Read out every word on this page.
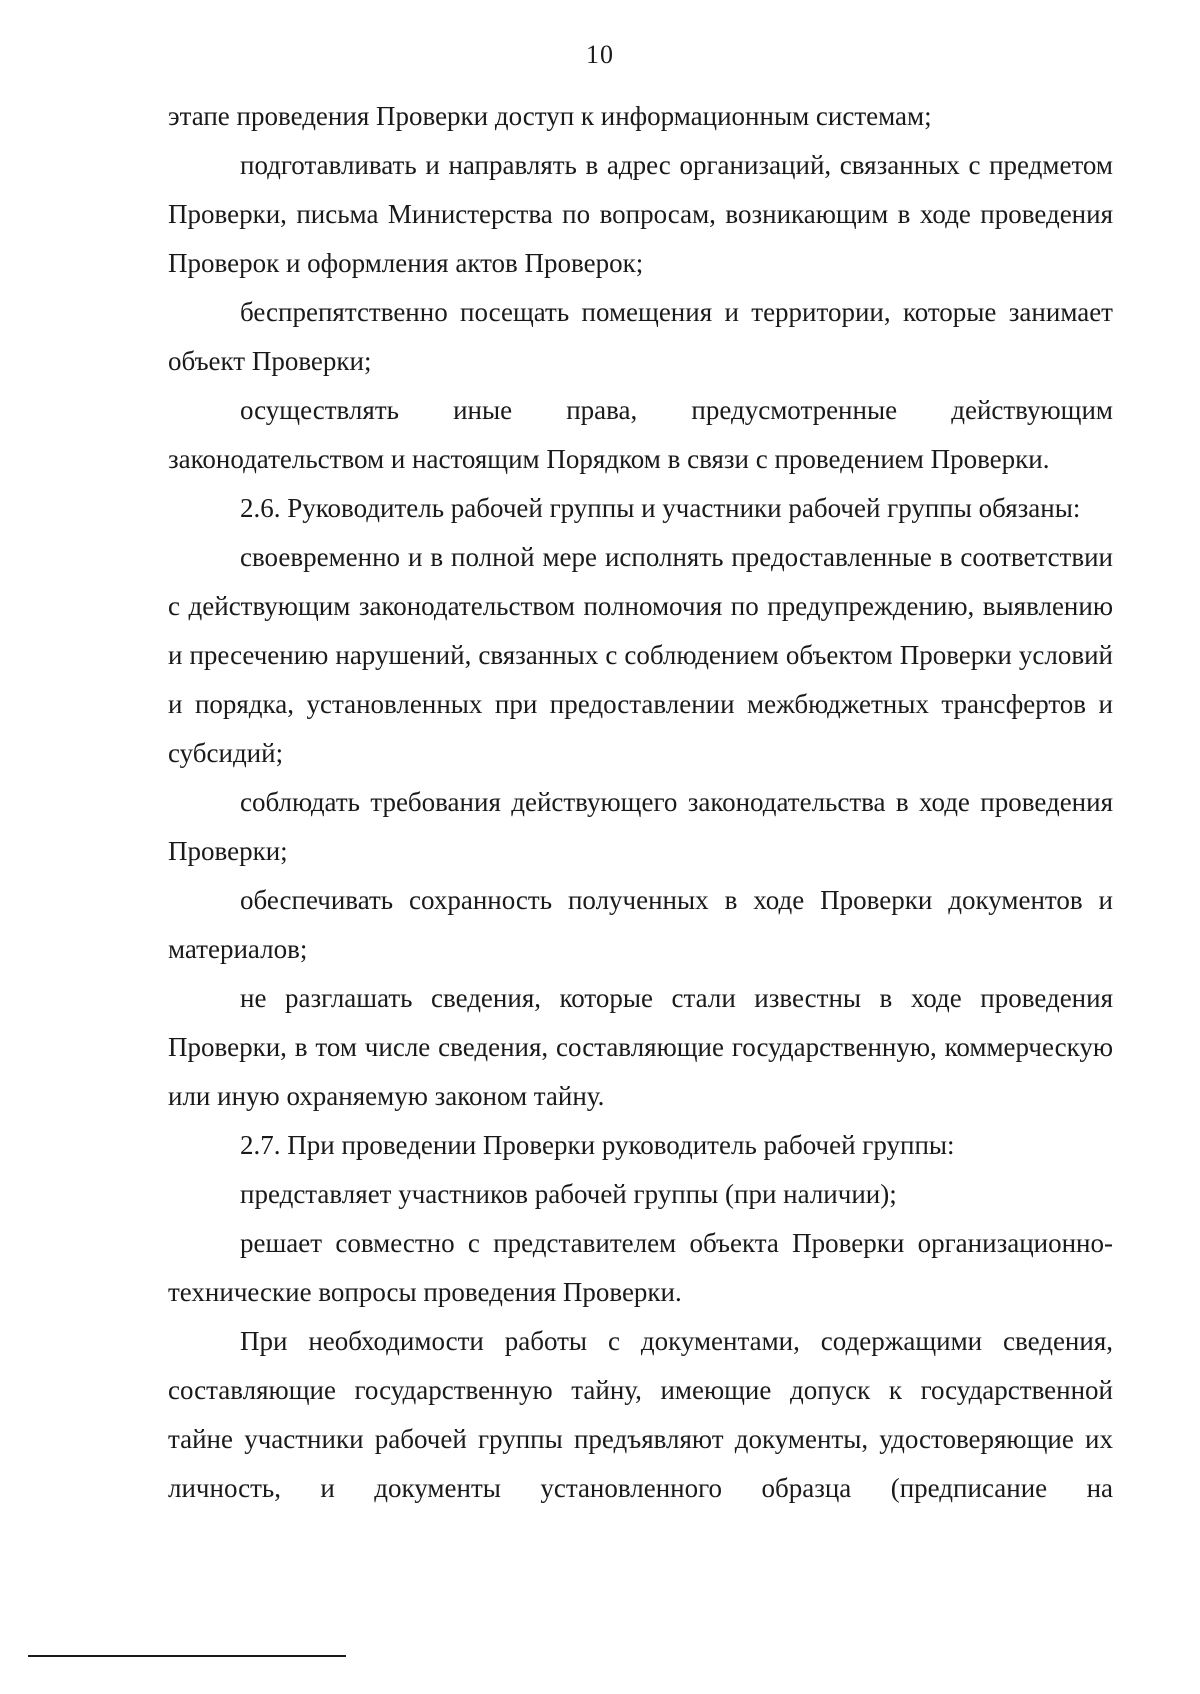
10

этапе проведения Проверки доступ к информационным системам;

подготавливать и направлять в адрес организаций, связанных с предметом Проверки, письма Министерства по вопросам, возникающим в ходе проведения Проверок и оформления актов Проверок;

беспрепятственно посещать помещения и территории, которые занимает объект Проверки;

осуществлять иные права, предусмотренные действующим законодательством и настоящим Порядком в связи с проведением Проверки.

2.6. Руководитель рабочей группы и участники рабочей группы обязаны:

своевременно и в полной мере исполнять предоставленные в соответствии с действующим законодательством полномочия по предупреждению, выявлению и пресечению нарушений, связанных с соблюдением объектом Проверки условий и порядка, установленных при предоставлении межбюджетных трансфертов и субсидий;

соблюдать требования действующего законодательства в ходе проведения Проверки;

обеспечивать сохранность полученных в ходе Проверки документов и материалов;

не разглашать сведения, которые стали известны в ходе проведения Проверки, в том числе сведения, составляющие государственную, коммерческую или иную охраняемую законом тайну.

2.7. При проведении Проверки руководитель рабочей группы:

представляет участников рабочей группы (при наличии);

решает совместно с представителем объекта Проверки организационно-технические вопросы проведения Проверки.

При необходимости работы с документами, содержащими сведения, составляющие государственную тайну, имеющие допуск к государственной тайне участники рабочей группы предъявляют документы, удостоверяющие их личность, и документы установленного образца (предписание на
